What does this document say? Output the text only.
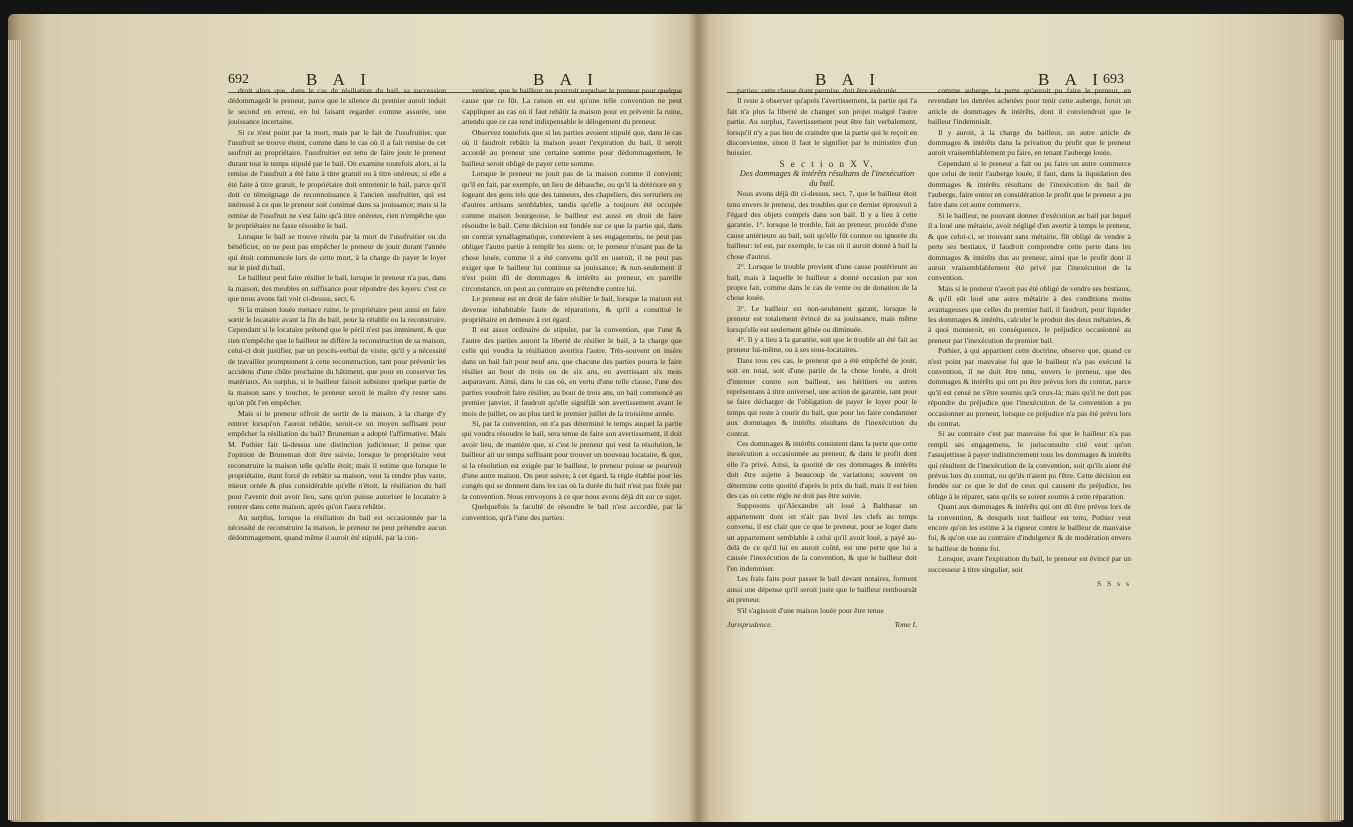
692	B A I	B A I	B A I	B A I 693

droit alors que, dans le cas de résiliation du bail, sa succession dédommageât le preneur, parce que le silence du premier auroit induit le second en erreur, en lui faisant regarder comme assurée, une jouissance incertaine.

Si ce n'est point par la mort, mais par le fait de l'usufruitier, que l'usufruit se trouve éteint, comme dans le cas où il a fait remise de cet usufruit au propriétaire, l'usufruitier est tenu de faire jouir le preneur durant tout le temps stipulé par le bail. On examine toutefois alors, si la remise de l'usufruit a été faite à titre gratuit ou à titre onéreux; si elle a été faite à titre gratuit, le propriétaire doit entretenir le bail, parce qu'il doit ce témoignage de reconnoissance à l'ancien usufruitier, qui est intéressé à ce que le preneur soit continué dans sa jouissance; mais si la remise de l'usufruit ne s'est faite qu'à titre onéreux, rien n'empêche que le propriétaire ne fasse résoudre le bail.

Lorsque le bail se trouve résolu par la mort de l'usufruitier ou du bénéficier, on ne peut pas empêcher le preneur de jouir durant l'année qui étoit commencée lors de cette mort, à la charge de payer le loyer sur le pied du bail.

Le bailleur peut faire résilier le bail, lorsque le preneur n'a pas, dans la maison, des meubles en suffisance pour répondre des loyers: c'est ce que nous avons fait voir ci-dessus, sect. 6.

Si la maison louée menace ruine, le propriétaire peut aussi en faire sortir le locataire avant la fin du bail, pour la rétablir ou la reconstruire. Cependant si le locataire prétend que le péril n'est pas imminent, & que rien n'empêche que le bailleur ne diffère la reconstruction de sa maison, celui-ci doit justifier, par un procès-verbal de visite, qu'il y a nécessité de travailler promptement à cette reconstruction, tant pour prévenir les accidens d'une chûte prochaine du bâtiment, que pour en conserver les matériaux. Au surplus, si le bailleur faisoit subsister quelque partie de la maison sans y toucher, le preneur seroit le maître d'y rester sans qu'on pût l'en empêcher.

Mais si le preneur offroit de sortir de la maison, à la charge d'y rentrer lorsqu'on l'auroit rebâtie, seroit-ce un moyen suffisant pour empêcher la résiliation du bail? Bruneman a adopté l'affirmative. Mais M. Pothier fait là-dessus une distinction judicieuse; il pense que l'opinion de Bruneman doit être suivie, lorsque le propriétaire veut reconstruire la maison telle qu'elle étoit; mais il estime que lorsque le propriétaire, étant forcé de rebâtir sa maison, veut la rendre plus vaste, mieux ornée & plus considérable qu'elle n'étoit, la résiliation du bail pour l'avenir doit avoir lieu, sans qu'on puisse autoriser le locataire à rentrer dans cette maison, après qu'on l'aura rebâtie.

Au surplus, lorsque la résiliation du bail est occasionnée par la nécessité de reconstruire la maison, le preneur ne peut prétendre aucun dédommagement, quand même il auroit été stipulé, par la con-

vention, que le bailleur ne pourroit expulser le preneur pour quelque cause que ce fût. La raison en est qu'une telle convention ne peut s'appliquer au cas où il faut rebâtir la maison pour en prévenir la ruine, attendu que ce cas rend indispensable le délogement du preneur.

Observez toutefois que si les parties avoient stipulé que, dans le cas où il faudroit rebâtir la maison avant l'expiration du bail, il seroit accordé au preneur une certaine somme pour dédommagement, le bailleur seroit obligé de payer cette somme.

Lorsque le preneur ne jouit pas de la maison comme il convient; qu'il en fait, par exemple, un lieu de débauche, ou qu'il la détériore en y logeant des gens tels que des tanneurs, des chapeliers, des serruriers ou d'autres artisans semblables, tandis qu'elle a toujours été occupée comme maison bourgeoise, le bailleur est aussi en droit de faire résoudre le bail. Cette décision est fondée sur ce que la partie qui, dans un contrat synallagmatique, contrevient à ses engagemens, ne peut pas obliger l'autre partie à remplir les siens: or, le preneur n'usant pas de la chose louée, comme il a été convenu qu'il en useroit, il ne peut pas exiger que le bailleur lui continue sa jouissance; & non-seulement il n'est point dû de dommages & intérêts au preneur, en pareille circonstance, on peut au contraire en prétendre contre lui.

Le preneur est en droit de faire résilier le bail, lorsque la maison est devenue inhabitable faute de réparations, & qu'il a constitué le propriétaire en demeure à cet égard.

Il est assez ordinaire de stipuler, par la convention, que l'une & l'autre des parties auront la liberté de résilier le bail, à la charge que celle qui voudra la résiliation avertira l'autre. Très-souvent on insère dans un bail fait pour neuf ans, que chacune des parties pourra le faire résilier au bout de trois ou de six ans, en avertissant six mois auparavant. Ainsi, dans le cas où, en vertu d'une telle clause, l'une des parties voudroit faire résilier, au bout de trois ans, un bail commencé au premier janvier, il faudroit qu'elle signifiât son avertissement avant le mois de juillet, ou au plus tard le premier juillet de la troisième année.

Si, par la convention, on n'a pas déterminé le temps auquel la partie qui voudra résoudre le bail, sera tenue de faire son avertissement, il doit avoir lieu, de manière que, si c'est le preneur qui veut la résolution, le bailleur ait un temps suffisant pour trouver un nouveau locataire, & que, si la résolution est exigée par le bailleur, le preneur puisse se pourvoir d'une autre maison. On peut suivre, à cet égard, la règle établie pour les congés qui se donnent dans les cas où la durée du bail n'est pas fixée par la convention. Nous renvoyons à ce que nous avons déjà dit sur ce sujet.

Quelquefois la faculté de résoudre le bail n'est accordée, par la convention, qu'à l'une des parties:

parties: cette clause étant permise, doit être exécutée.

Il reste à observer qu'après l'avertissement, la partie qui l'a fait n'a plus la liberté de changer son projet malgré l'autre partie. Au surplus, l'avertissement peut être fait verbalement, lorsqu'il n'y a pas lieu de craindre que la partie qui le reçoit en disconvienne, sinon il faut le signifier par le ministère d'un huissier.

S e c t i o n X V.

Des dommages & intérêts résultans de l'inexécution du bail.

Nous avons déjà dit ci-dessus, sect. 7, que le bailleur étoit tenu envers le preneur, des troubles que ce dernier éprouvoit à l'égard des objets compris dans son bail. Il y a lieu à cette garantie, 1°. lorsque le trouble, fait au preneur, procède d'une cause antérieure au bail, soit qu'elle fût connue ou ignorée du bailleur: tel est, par exemple, le cas où il auroit donné à bail la chose d'autrui.

2°. Lorsque le trouble provient d'une cause postérieure au bail, mais à laquelle le bailleur a donné occasion par son propre fait, comme dans le cas de vente ou de donation de la chose louée.

3°. Le bailleur est non-seulement garant, lorsque le preneur est totalement évincé de sa jouissance, mais même lorsqu'elle est seulement gênée ou diminuée.

4°. Il y a lieu à la garantie, soit que le trouble ait été fait au preneur lui-même, ou à ses sous-locataires.

Dans tous ces cas, le preneur qui a été empêché de jouir, soit en total, soit d'une partie de la chose louée, a droit d'intenter contre son bailleur, ses héritiers ou autres représentans à titre universel, une action de garantie, tant pour se faire décharger de l'obligation de payer le loyer pour le temps qui reste à courir du bail, que pour les faire condamner aux dommages & intérêts résultans de l'inexécution du contrat.

Ces dommages & intérêts consistent dans la perte que cette inexécution a occasionnée au preneur, & dans le profit dont elle l'a privé. Ainsi, la quotité de ces dommages & intérêts doit être sujette à beaucoup de variations; souvent on détermine cette quotité d'après le prix du bail, mais il est bien des cas où cette règle ne doit pas être suivie.

Supposons qu'Alexandre ait loué à Balthasar un appartement dont on n'ait pas livré les clefs au temps convenu, il est clair que ce que le preneur, pour se loger dans un appartement semblable à celui qu'il avoit loué, a payé au-delà de ce qu'il lui en auroit coûté, est une perte que lui a causée l'inexécution de la convention, & que le bailleur doit l'en indemniser.

Les frais faits pour passer le bail devant notaires, forment aussi une dépense qu'il seroit juste que le bailleur remboursât au preneur.

S'il s'agissoit d'une maison louée pour être tenue

Jurisprudence.	Tome I,

comme auberge, la perte qu'auroit pu faire le preneur, en revendant les denrées achetées pour tenir cette auberge, feroit un article de dommages & intérêts, dont il conviendroit que le bailleur l'indemnisât.

Il y auroit, à la charge du bailleur, un autre article de dommages & intérêts dans la privation du profit que le preneur auroit vraisemblablement pu faire, en tenant l'auberge louée.

Cependant si le preneur a fait ou pu faire un autre commerce que celui de tenir l'auberge louée, il faut, dans la liquidation des dommages & intérêts résultans de l'inexécution du bail de l'auberge, faire entrer en considération le profit que le preneur a pu faire dans cet autre commerce.

Si le bailleur, ne pouvant donner d'exécution au bail par lequel il a loué une métairie, avoit négligé d'en avertir à temps le preneur, & que celui-ci, se trouvant sans métairie, fût obligé de vendre à perte ses bestiaux, il faudroit comprendre cette perte dans les dommages & intérêts dus au preneur, ainsi que le profit dont il auroit vraisemblablement été privé par l'inexécution de la convention.

Mais si le preneur n'avoit pas été obligé de vendre ses bestiaux, & qu'il eût loué une autre métairie à des conditions moins avantageuses que celles du premier bail, il faudroit, pour liquider les dommages & intérêts, calculer le produit des deux métairies, & à quoi monteroit, en conséquence, le préjudice occasionné au preneur par l'inexécution du premier bail.

Pothier, à qui appartient cette doctrine, observe que, quand ce n'est point par mauvaise foi que le bailleur n'a pas exécuté la convention, il ne doit être tenu, envers le preneur, que des dommages & intérêts qui ont pu être prévus lors du contrat, parce qu'il est censé ne s'être soumis qu'à ceux-là; mais qu'il ne doit pas répondre du préjudice que l'inexécution de la convention a pu occasionner au preneur, lorsque ce préjudice n'a pas été prévu lors du contrat.

Si au contraire c'est par mauvaise foi que le bailleur n'a pas rempli ses engagemens, le jurisconsulte cité veut qu'on l'assujettisse à payer indistinctement tous les dommages & intérêts qui résultent de l'inexécution de la convention, soit qu'ils aient été prévus lors du contrat, ou qu'ils n'aient pu l'être. Cette décision est fondée sur ce que le dol de ceux qui causent du préjudice, les oblige à le réparer, sans qu'ils se soient soumis à cette réparation.

Quant aux dommages & intérêts qui ont dû être prévus lors de la convention, & desquels tout bailleur est tenu, Pothier veut encore qu'on les estime à la rigueur contre le bailleur de mauvaise foi, & qu'on use au contraire d'indulgence & de modération envers le bailleur de bonne foi.

Lorsque, avant l'expiration du bail, le preneur est évincé par un successeur à titre singulier, soit

S S s s
